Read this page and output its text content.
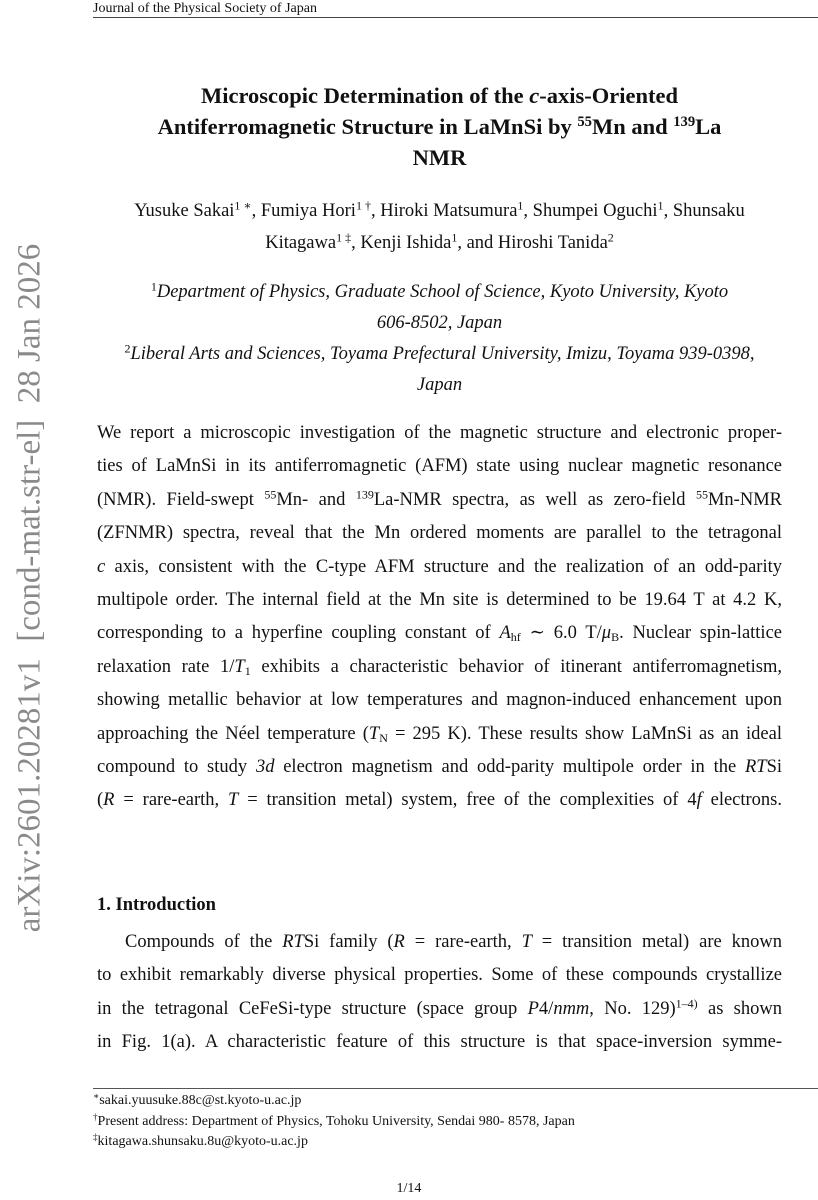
Journal of the Physical Society of Japan
arXiv:2601.20281v1  [cond-mat.str-el]  28 Jan 2026
Microscopic Determination of the c-axis-Oriented
Antiferromagnetic Structure in LaMnSi by $^{55}$Mn and $^{139}$La
NMR
Yusuke Sakai$^{1 ∗}$, Fumiya Hori$^{1 \dagger}$, Hiroki Matsumura$^1$, Shumpei Oguchi$^1$, Shunsaku
Kitagawa$^{1 \ddagger}$, Kenji Ishida$^1$, and Hiroshi Tanida$^2$
$^1$Department of Physics, Graduate School of Science, Kyoto University, Kyoto
606-8502, Japan
$^2$Liberal Arts and Sciences, Toyama Prefectural University, Imizu, Toyama 939-0398,
Japan
We report a microscopic investigation of the magnetic structure and electronic proper-
ties of LaMnSi in its antiferromagnetic (AFM) state using nuclear magnetic resonance
(NMR). Field-swept $^{55}$Mn- and $^{139}$La-NMR spectra, as well as zero-field $^{55}$Mn-NMR
(ZFNMR) spectra, reveal that the Mn ordered moments are parallel to the tetragonal
c axis, consistent with the C-type AFM structure and the realization of an odd-parity
multipole order. The internal field at the Mn site is determined to be 19.64 T at 4.2 K,
corresponding to a hyperfine coupling constant of $A_{hf}$ ∼ 6.0 $T/\mu_B$. Nuclear spin-lattice
relaxation rate $1/T_1$ exhibits a characteristic behavior of itinerant antiferromagnetism,
showing metallic behavior at low temperatures and magnon-induced enhancement upon
approaching the Néel temperature ($T_N = 295$ K). These results show LaMnSi as an ideal
compound to study 3d electron magnetism and odd-parity multipole order in the RTSi
(R = rare-earth, T = transition metal) system, free of the complexities of 4f electrons.
1. Introduction
Compounds of the RTSi family (R = rare-earth, T = transition metal) are known
to exhibit remarkably diverse physical properties. Some of these compounds crystallize
in the tetragonal CeFeSi-type structure (space group P4/nmm, No. 129)$^{1-4)}$ as shown
in Fig. 1(a). A characteristic feature of this structure is that space-inversion symme-
∗sakai.yuusuke.88c@st.kyoto-u.ac.jp
†Present address: Department of Physics, Tohoku University, Sendai 980- 8578, Japan
‡kitagawa.shunsaku.8u@kyoto-u.ac.jp
1/14
